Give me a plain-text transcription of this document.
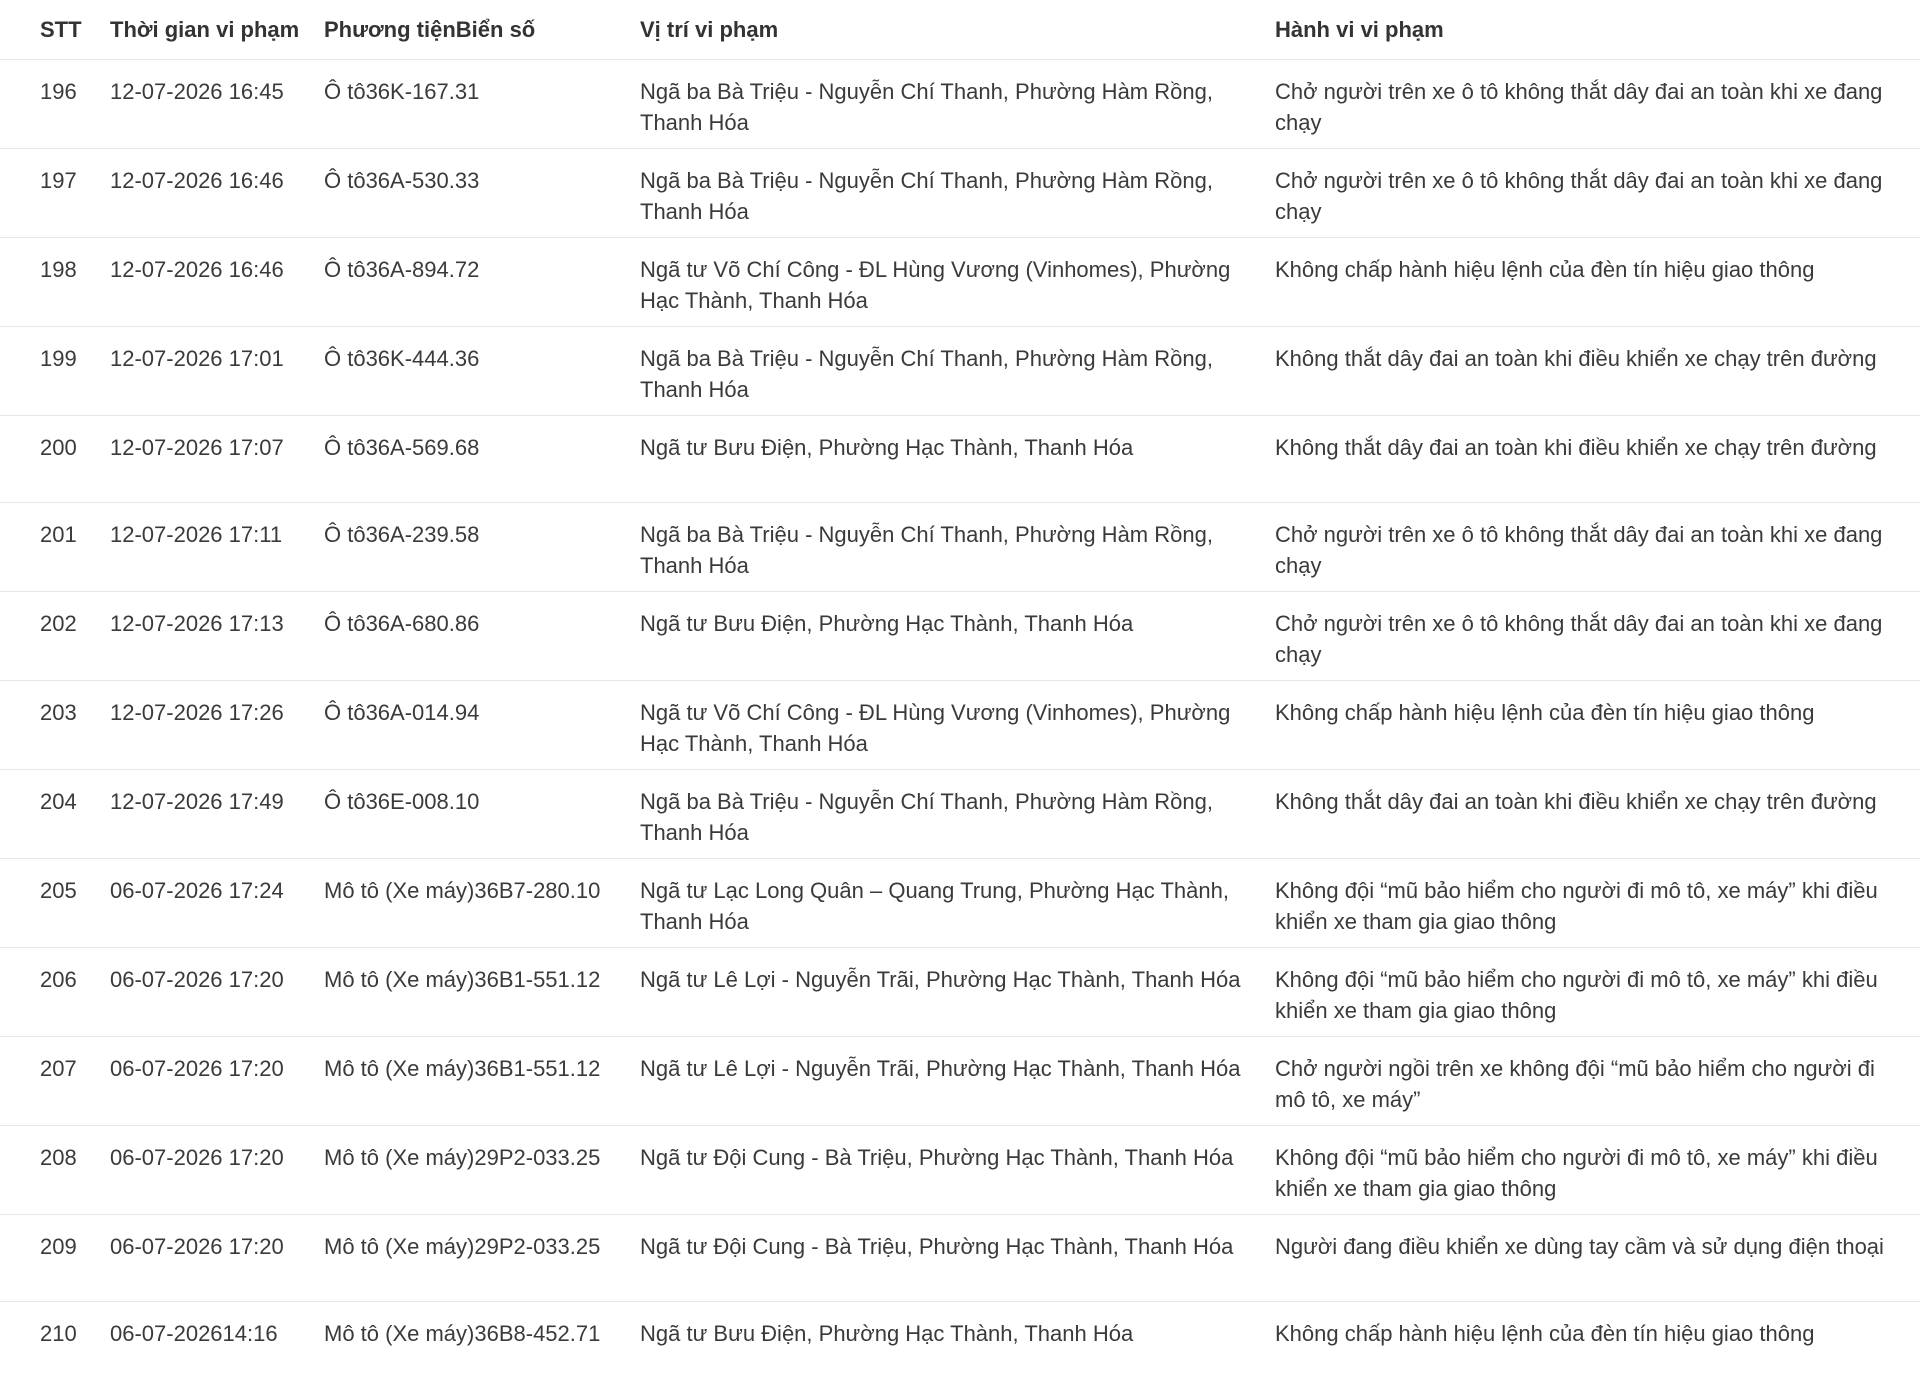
STT	Thời gian vi phạm	Phương tiệnBiển số	Vị trí vi phạm	Hành vi vi phạm
196	12-07-2026 16:45	Ô tô36K-167.31	Ngã ba Bà Triệu - Nguyễn Chí Thanh, Phường Hàm Rồng, Thanh Hóa	Chở người trên xe ô tô không thắt dây đai an toàn khi xe đang chạy
197	12-07-2026 16:46	Ô tô36A-530.33	Ngã ba Bà Triệu - Nguyễn Chí Thanh, Phường Hàm Rồng, Thanh Hóa	Chở người trên xe ô tô không thắt dây đai an toàn khi xe đang chạy
198	12-07-2026 16:46	Ô tô36A-894.72	Ngã tư Võ Chí Công - ĐL Hùng Vương (Vinhomes), Phường Hạc Thành, Thanh Hóa	Không chấp hành hiệu lệnh của đèn tín hiệu giao thông
199	12-07-2026 17:01	Ô tô36K-444.36	Ngã ba Bà Triệu - Nguyễn Chí Thanh, Phường Hàm Rồng, Thanh Hóa	Không thắt dây đai an toàn khi điều khiển xe chạy trên đường
200	12-07-2026 17:07	Ô tô36A-569.68	Ngã tư Bưu Điện, Phường Hạc Thành, Thanh Hóa	Không thắt dây đai an toàn khi điều khiển xe chạy trên đường
201	12-07-2026 17:11	Ô tô36A-239.58	Ngã ba Bà Triệu - Nguyễn Chí Thanh, Phường Hàm Rồng, Thanh Hóa	Chở người trên xe ô tô không thắt dây đai an toàn khi xe đang chạy
202	12-07-2026 17:13	Ô tô36A-680.86	Ngã tư Bưu Điện, Phường Hạc Thành, Thanh Hóa	Chở người trên xe ô tô không thắt dây đai an toàn khi xe đang chạy
203	12-07-2026 17:26	Ô tô36A-014.94	Ngã tư Võ Chí Công - ĐL Hùng Vương (Vinhomes), Phường Hạc Thành, Thanh Hóa	Không chấp hành hiệu lệnh của đèn tín hiệu giao thông
204	12-07-2026 17:49	Ô tô36E-008.10	Ngã ba Bà Triệu - Nguyễn Chí Thanh, Phường Hàm Rồng, Thanh Hóa	Không thắt dây đai an toàn khi điều khiển xe chạy trên đường
205	06-07-2026 17:24	Mô tô (Xe máy)36B7-280.10	Ngã tư Lạc Long Quân – Quang Trung, Phường Hạc Thành, Thanh Hóa	Không đội “mũ bảo hiểm cho người đi mô tô, xe máy” khi điều khiển xe tham gia giao thông
206	06-07-2026 17:20	Mô tô (Xe máy)36B1-551.12	Ngã tư Lê Lợi - Nguyễn Trãi, Phường Hạc Thành, Thanh Hóa	Không đội “mũ bảo hiểm cho người đi mô tô, xe máy” khi điều khiển xe tham gia giao thông
207	06-07-2026 17:20	Mô tô (Xe máy)36B1-551.12	Ngã tư Lê Lợi - Nguyễn Trãi, Phường Hạc Thành, Thanh Hóa	Chở người ngồi trên xe không đội “mũ bảo hiểm cho người đi mô tô, xe máy”
208	06-07-2026 17:20	Mô tô (Xe máy)29P2-033.25	Ngã tư Đội Cung - Bà Triệu, Phường Hạc Thành, Thanh Hóa	Không đội “mũ bảo hiểm cho người đi mô tô, xe máy” khi điều khiển xe tham gia giao thông
209	06-07-2026 17:20	Mô tô (Xe máy)29P2-033.25	Ngã tư Đội Cung - Bà Triệu, Phường Hạc Thành, Thanh Hóa	Người đang điều khiển xe dùng tay cầm và sử dụng điện thoại
210	06-07-202614:16	Mô tô (Xe máy)36B8-452.71	Ngã tư Bưu Điện, Phường Hạc Thành, Thanh Hóa	Không chấp hành hiệu lệnh của đèn tín hiệu giao thông
